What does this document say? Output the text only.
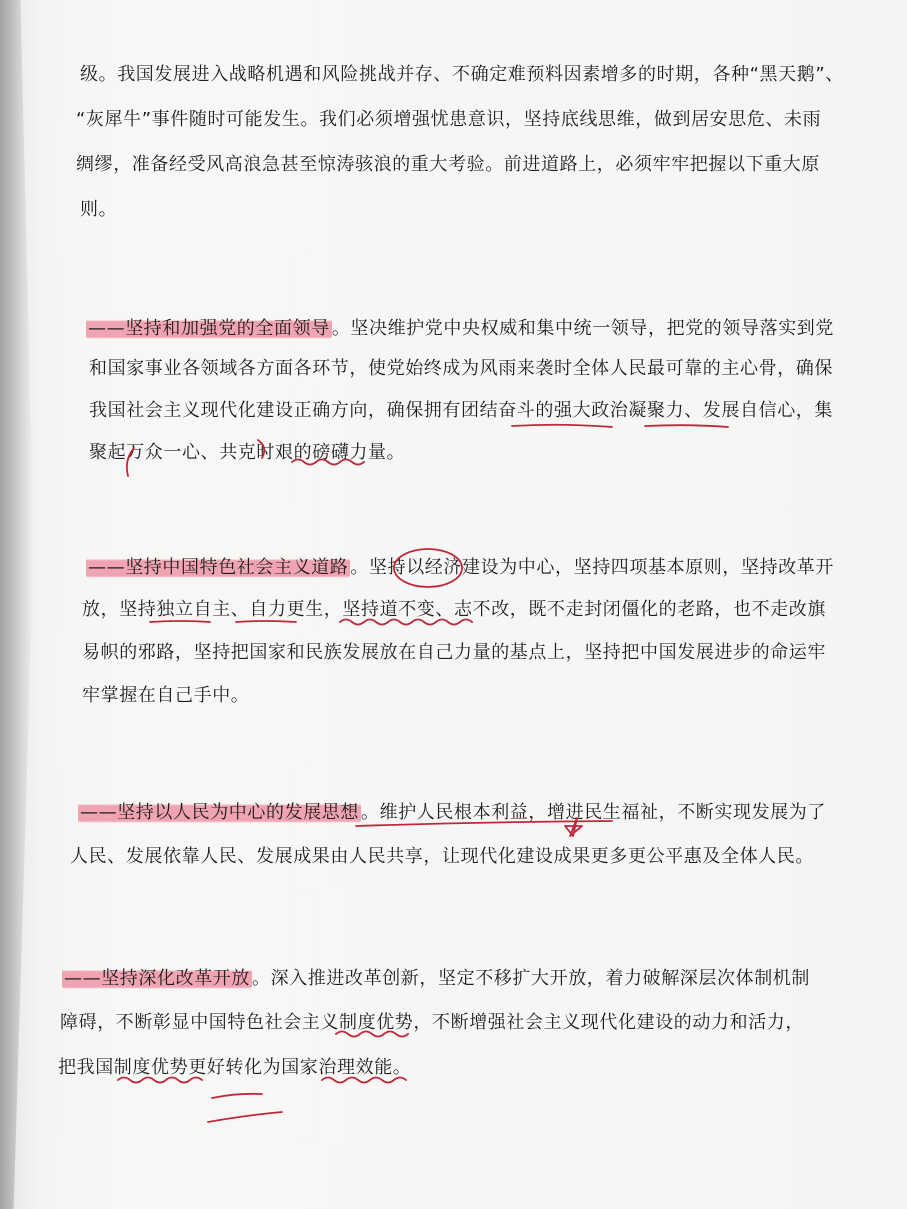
级。我国发展进入战略机遇和风险挑战并存、不确定难预料因素增多的时期，各种“黑天鹅”、
“灰犀牛”事件随时可能发生。我们必须增强忧患意识，坚持底线思维，做到居安思危、未雨
绸缪，准备经受风高浪急甚至惊涛骇浪的重大考验。前进道路上，必须牢牢把握以下重大原
则。
——坚持和加强党的全面领导 。坚决维护党中央权威和集中统一领导，把党的领导落实到党
和国家事业各领域各方面各环节，使党始终成为风雨来袭时全体人民最可靠的主心骨，确保
我国社会主义现代化建设正确方向，确保拥有团结奋斗的强大政治凝聚力、发展自信心，集
聚起万众一心、共克时艰的磅礴力量。
——坚持中国特色社会主义道路 。坚持以经济建设为中心，坚持四项基本原则，坚持改革开
放，坚持独立自主、自力更生，坚持道不变、志不改，既不走封闭僵化的老路，也不走改旗
易帜的邪路，坚持把国家和民族发展放在自己力量的基点上，坚持把中国发展进步的命运牢
牢掌握在自己手中。
——坚持以人民为中心的发展思想 。维护人民根本利益，增进民生福祉，不断实现发展为了
人民、发展依靠人民、发展成果由人民共享，让现代化建设成果更多更公平惠及全体人民。
——坚持深化改革开放 。深入推进改革创新，坚定不移扩大开放，着力破解深层次体制机制
障碍，不断彰显中国特色社会主义制度优势，不断增强社会主义现代化建设的动力和活力，
把我国制度优势更好转化为国家治理效能。
